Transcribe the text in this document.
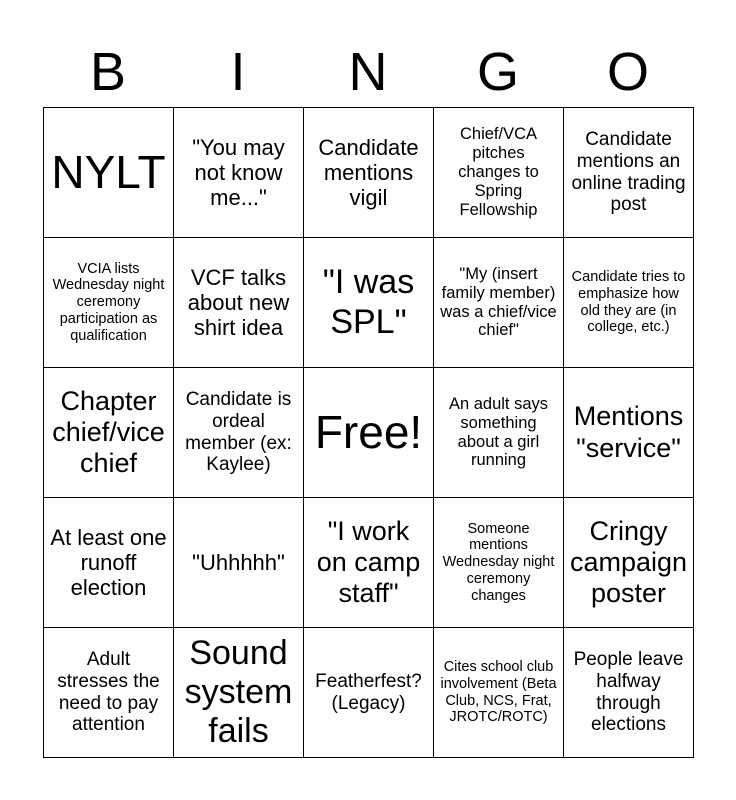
B	I	N	G	O
NYLT	"You may not know me..."
Candidate mentions vigil
Chief/VCA pitches changes to Spring Fellowship
Candidate mentions an online trading post
VCIA lists Wednesday night ceremony participation as qualification
VCF talks about new shirt idea
"I was SPL"
"My (insert family member) was a chief/vice chief"
Candidate tries to emphasize how old they are (in college, etc.)
Chapter chief/vice chief
Candidate is ordeal member (ex: Kaylee)
Free!
An adult says something about a girl running
Mentions "service"
At least one runoff election
"Uhhhhh"
"I work on camp staff"
Someone mentions Wednesday night ceremony changes
Cringy campaign poster
Adult stresses the need to pay attention
Sound system fails
Featherfest? (Legacy)
Cites school club involvement (Beta Club, NCS, Frat, JROTC/ROTC)
People leave halfway through elections
